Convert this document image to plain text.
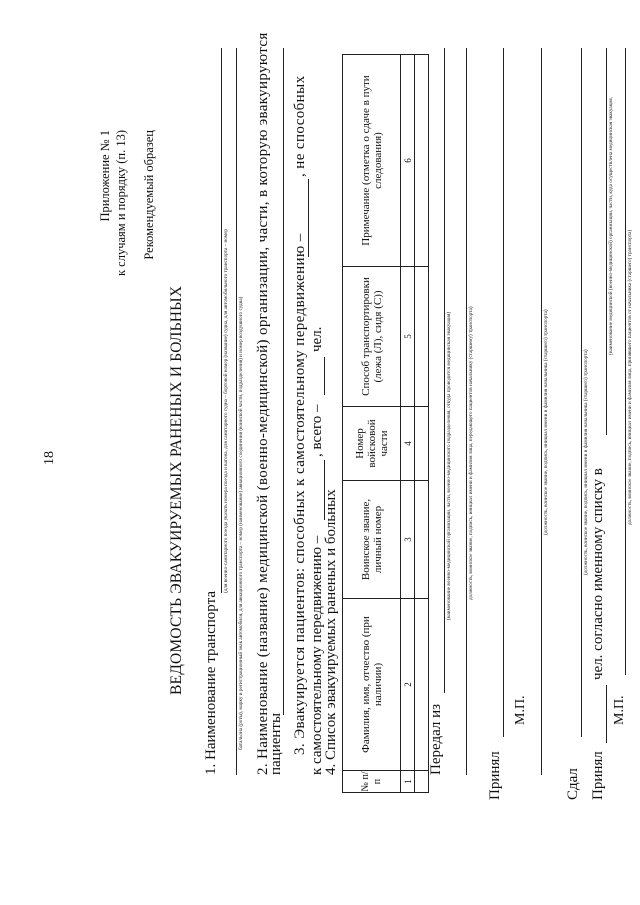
18
Приложение № 1 к случаям и порядку (п. 13) Рекомендуемый образец
ВЕДОМОСТЬ ЭВАКУИРУЕМЫХ РАНЕНЫХ И БОЛЬНЫХ 1. Наименование транспорта
(для военно-санитарного поезда указать номера поезда и вагона, для санитарного судна – бортовой номер (название) судна, для автомобильного транспорта – номер батальона (роты), марку и регистрационный знак автомобиля, для авиационного транспорта – номер (наименование) авиационного соединения (воинской части, подразделения) и номер воздушного судна) 2. Наименование (название) медицинской (военно-медицинской) организации, части, в которую эвакуируются
пациенты 3. Эвакуируется пациентов: способных к самостоятельному передвижению –
, не способных
к самостоятельному передвижению –
, всего –
чел.
4. Список эвакуируемых раненых и больных
№ п/п	Фамилия, имя, отчество (при наличии)	Воинское звание, личный номер	Номер войсковой части	Способ транспортировки (лежа (Л), сидя (С))	Примечание (отметка о сдаче в пути следования)
1	2	3	4	5	6

Передал из
(наименование военно-медицинской организации, части, военно-медицинского подразделения, откуда проводится медицинская эвакуация)	должность, воинское звание, подпись, инициал имени и фамилия лица, передающего пациентов начальнику (старшему) транспорта)
Принял
М.П.
(должность, воинское звание, подпись, инициал имени и фамилия начальника (старшего) транспорта)
Сдал
(должность, воинское звание, подпись, инициал имени и фамилия начальника (старшего) транспорта)
Принял
чел. согласно именному списку в
(наименование медицинской (военно-медицинской) организации, части, куда осуществлена медицинская эвакуация,
М.П.
должность, воинское звание, подпись, инициал имени и фамилия лица, принявшего пациентов от начальника (старшего) транспорта)
